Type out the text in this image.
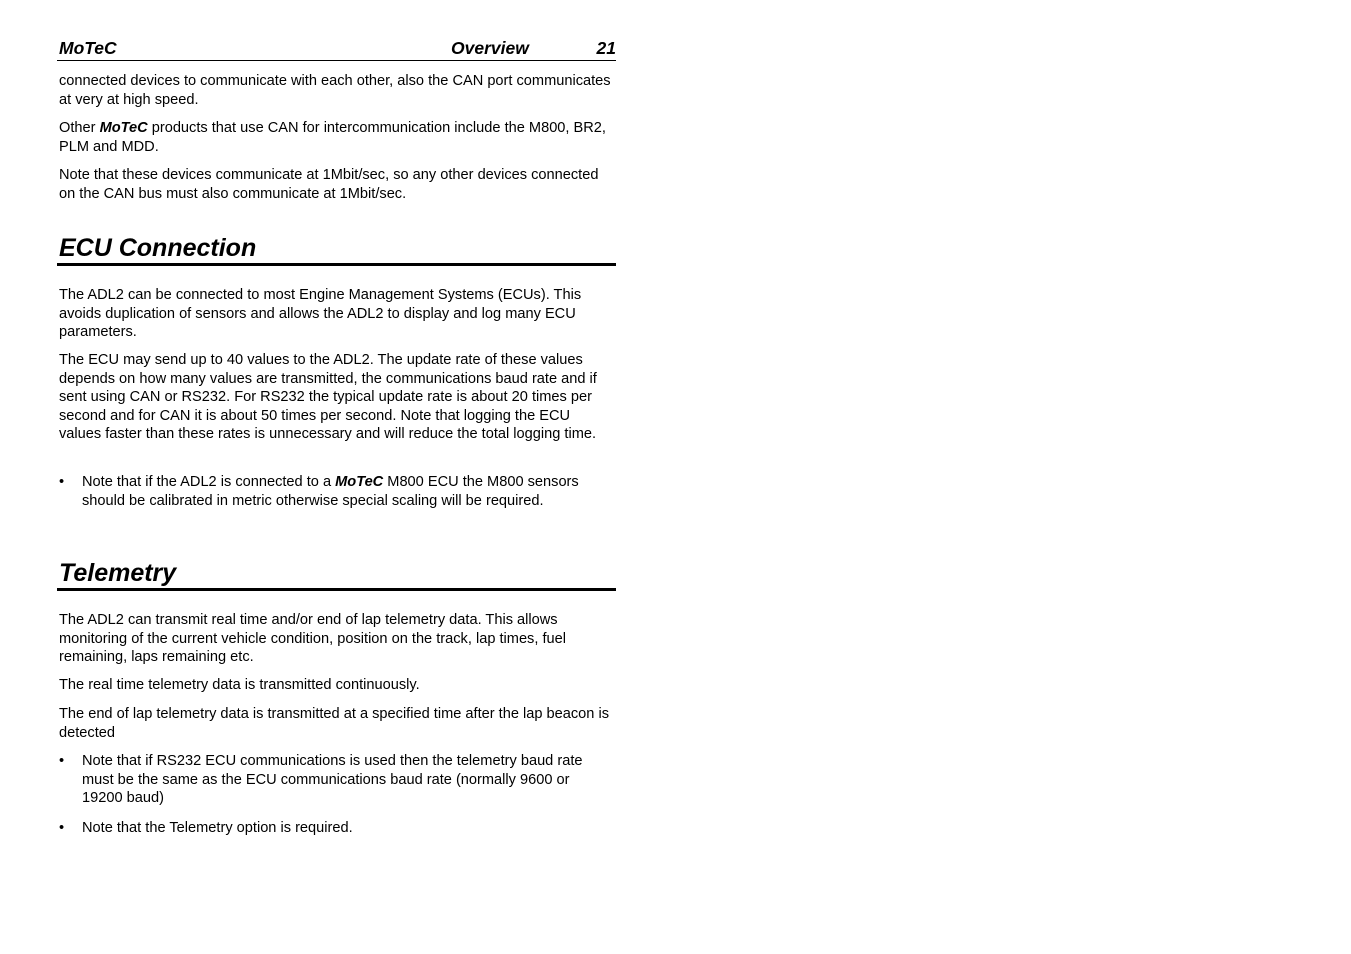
MoTeC	Overview	21

connected devices to communicate with each other, also the CAN port communicates at very at high speed.

Other MoTeC products that use CAN for intercommunication include the M800, BR2, PLM and MDD.

Note that these devices communicate at 1Mbit/sec, so any other devices connected on the CAN bus must also communicate at 1Mbit/sec.

ECU Connection

The ADL2 can be connected to most Engine Management Systems (ECUs). This avoids duplication of sensors and allows the ADL2 to display and log many ECU parameters.

The ECU may send up to 40 values to the ADL2. The update rate of these values depends on how many values are transmitted, the communications baud rate and if sent using CAN or RS232. For RS232 the typical update rate is about 20 times per second and for CAN it is about 50 times per second. Note that logging the ECU values faster than these rates is unnecessary and will reduce the total logging time.

• Note that if the ADL2 is connected to a MoTeC M800 ECU the M800 sensors should be calibrated in metric otherwise special scaling will be required.
Telemetry

The ADL2 can transmit real time and/or end of lap telemetry data. This allows monitoring of the current vehicle condition, position on the track, lap times, fuel remaining, laps remaining etc.

The real time telemetry data is transmitted continuously.

The end of lap telemetry data is transmitted at a specified time after the lap beacon is detected

• Note that if RS232 ECU communications is used then the telemetry baud rate must be the same as the ECU communications baud rate (normally 9600 or 19200 baud)
• Note that the Telemetry option is required.
